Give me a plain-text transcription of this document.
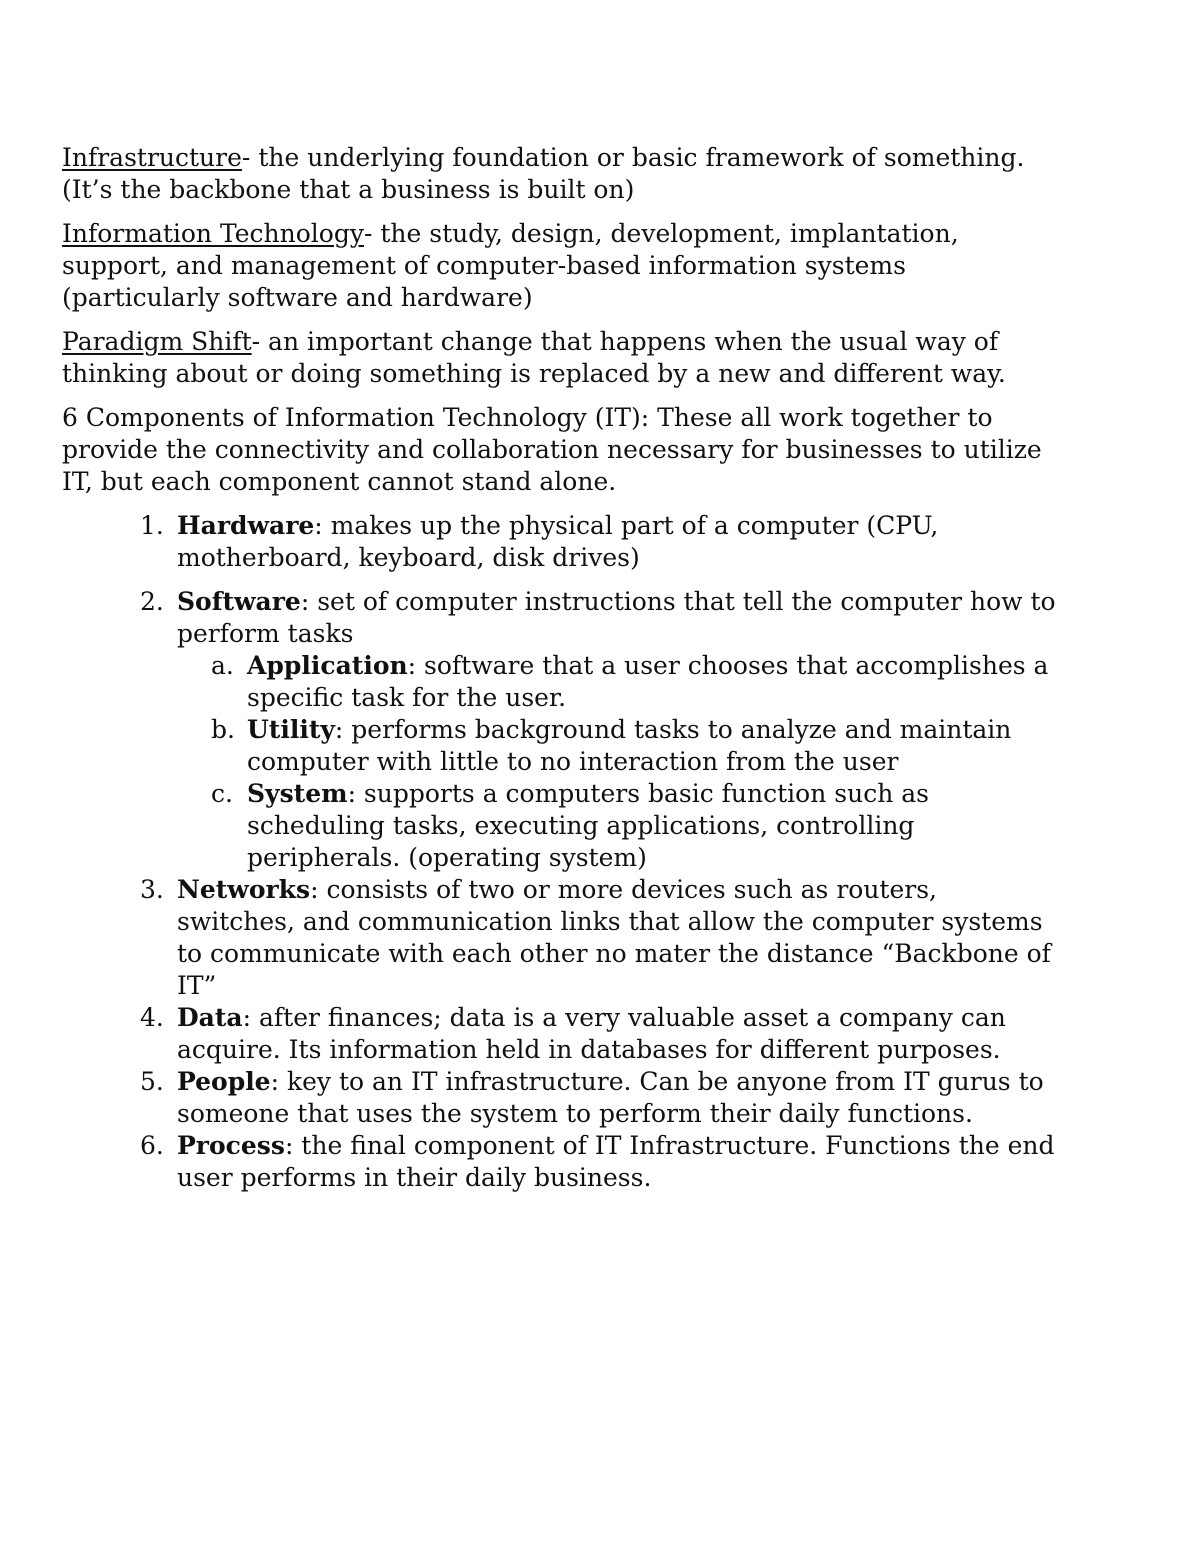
Infrastructure- the underlying foundation or basic framework of something. (It’s the backbone that a business is built on)

Information Technology- the study, design, development, implantation, support, and management of computer-based information systems (particularly software and hardware)

Paradigm Shift- an important change that happens when the usual way of thinking about or doing something is replaced by a new and different way.

6 Components of Information Technology (IT): These all work together to provide the connectivity and collaboration necessary for businesses to utilize IT, but each component cannot stand alone.

1. Hardware: makes up the physical part of a computer (CPU, motherboard, keyboard, disk drives)
2. Software: set of computer instructions that tell the computer how to perform tasks
a. Application: software that a user chooses that accomplishes a specific task for the user.
b. Utility: performs background tasks to analyze and maintain computer with little to no interaction from the user
c. System: supports a computers basic function such as scheduling tasks, executing applications, controlling peripherals. (operating system)
3. Networks: consists of two or more devices such as routers, switches, and communication links that allow the computer systems to communicate with each other no mater the distance “Backbone of IT”
4. Data: after finances; data is a very valuable asset a company can acquire. Its information held in databases for different purposes.
5. People: key to an IT infrastructure. Can be anyone from IT gurus to someone that uses the system to perform their daily functions.
6. Process: the final component of IT Infrastructure. Functions the end user performs in their daily business.
